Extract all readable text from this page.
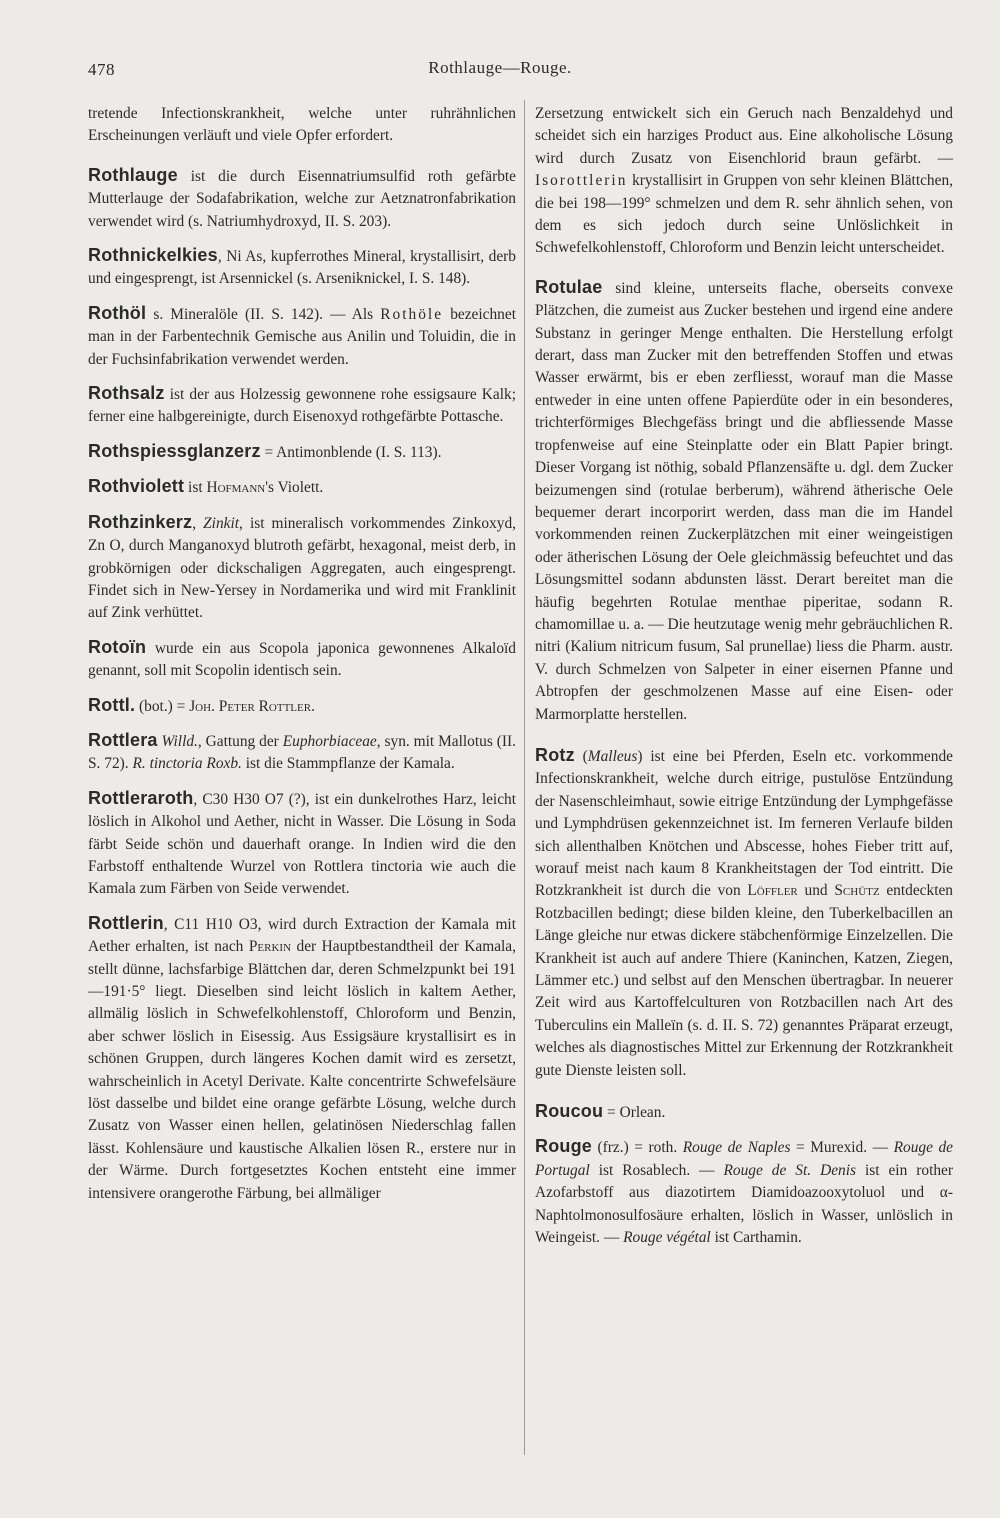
478	Rothlauge—Rouge.

tretende Infectionskrankheit, welche unter ruhrähnlichen Erscheinungen verläuft und viele Opfer erfordert.

Rothlauge ist die durch Eisennatriumsulfid roth gefärbte Mutterlauge der Sodafabrikation, welche zur Aetznatronfabrikation verwendet wird (s. Natriumhydroxyd, II. S. 203).

Rothnickelkies, Ni As, kupferrothes Mineral, krystallisirt, derb und eingesprengt, ist Arsennickel (s. Arseniknickel, I. S. 148).

Rothöl s. Mineralöle (II. S. 142). — Als Rothöle bezeichnet man in der Farbentechnik Gemische aus Anilin und Toluidin, die in der Fuchsinfabrikation verwendet werden.

Rothsalz ist der aus Holzessig gewonnene rohe essigsaure Kalk; ferner eine halbgereinigte, durch Eisenoxyd rothgefärbte Pottasche.

Rothspiessglanzerz = Antimonblende (I. S. 113).

Rothviolett ist Hofmann's Violett.

Rothzinkerz, Zinkit, ist mineralisch vorkommendes Zinkoxyd, Zn O, durch Manganoxyd blutroth gefärbt, hexagonal, meist derb, in grobkörnigen oder dickschaligen Aggregaten, auch eingesprengt. Findet sich in New-Yersey in Nordamerika und wird mit Franklinit auf Zink verhüttet.

Rotoïn wurde ein aus Scopola japonica gewonnenes Alkaloïd genannt, soll mit Scopolin identisch sein.

Rottl. (bot.) = Joh. Peter Rottler.

Rottlera Willd., Gattung der Euphorbiaceae, syn. mit Mallotus (II. S. 72). R. tinctoria Roxb. ist die Stammpflanze der Kamala.

Rottleraroth, C30 H30 O7 (?), ist ein dunkelrothes Harz, leicht löslich in Alkohol und Aether, nicht in Wasser. Die Lösung in Soda färbt Seide schön und dauerhaft orange. In Indien wird die den Farbstoff enthaltende Wurzel von Rottlera tinctoria wie auch die Kamala zum Färben von Seide verwendet.

Rottlerin, C11 H10 O3, wird durch Extraction der Kamala mit Aether erhalten, ist nach Perkin der Hauptbestandtheil der Kamala, stellt dünne, lachsfarbige Blättchen dar, deren Schmelzpunkt bei 191—191·5° liegt. Dieselben sind leicht löslich in kaltem Aether, allmälig löslich in Schwefelkohlenstoff, Chloroform und Benzin, aber schwer löslich in Eisessig. Aus Essigsäure krystallisirt es in schönen Gruppen, durch längeres Kochen damit wird es zersetzt, wahrscheinlich in Acetyl Derivate. Kalte concentrirte Schwefelsäure löst dasselbe und bildet eine orange gefärbte Lösung, welche durch Zusatz von Wasser einen hellen, gelatinösen Niederschlag fallen lässt. Kohlensäure und kaustische Alkalien lösen R., erstere nur in der Wärme. Durch fortgesetztes Kochen entsteht eine immer intensivere orangerothe Färbung, bei allmäliger

Zersetzung entwickelt sich ein Geruch nach Benzaldehyd und scheidet sich ein harziges Product aus. Eine alkoholische Lösung wird durch Zusatz von Eisenchlorid braun gefärbt. — Isorottlerin krystallisirt in Gruppen von sehr kleinen Blättchen, die bei 198—199° schmelzen und dem R. sehr ähnlich sehen, von dem es sich jedoch durch seine Unlöslichkeit in Schwefelkohlenstoff, Chloroform und Benzin leicht unterscheidet.

Rotulae sind kleine, unterseits flache, oberseits convexe Plätzchen, die zumeist aus Zucker bestehen und irgend eine andere Substanz in geringer Menge enthalten. Die Herstellung erfolgt derart, dass man Zucker mit den betreffenden Stoffen und etwas Wasser erwärmt, bis er eben zerfliesst, worauf man die Masse entweder in eine unten offene Papierdüte oder in ein besonderes, trichterförmiges Blechgefäss bringt und die abfliessende Masse tropfenweise auf eine Steinplatte oder ein Blatt Papier bringt. Dieser Vorgang ist nöthig, sobald Pflanzensäfte u. dgl. dem Zucker beizumengen sind (rotulae berberum), während ätherische Oele bequemer derart incorporirt werden, dass man die im Handel vorkommenden reinen Zuckerplätzchen mit einer weingeistigen oder ätherischen Lösung der Oele gleichmässig befeuchtet und das Lösungsmittel sodann abdunsten lässt. Derart bereitet man die häufig begehrten Rotulae menthae piperitae, sodann R. chamomillae u. a. — Die heutzutage wenig mehr gebräuchlichen R. nitri (Kalium nitricum fusum, Sal prunellae) liess die Pharm. austr. V. durch Schmelzen von Salpeter in einer eisernen Pfanne und Abtropfen der geschmolzenen Masse auf eine Eisen- oder Marmorplatte herstellen.

Rotz (Malleus) ist eine bei Pferden, Eseln etc. vorkommende Infectionskrankheit, welche durch eitrige, pustulöse Entzündung der Nasenschleimhaut, sowie eitrige Entzündung der Lymphgefässe und Lymphdrüsen gekennzeichnet ist. Im ferneren Verlaufe bilden sich allenthalben Knötchen und Abscesse, hohes Fieber tritt auf, worauf meist nach kaum 8 Krankheitstagen der Tod eintritt. Die Rotzkrankheit ist durch die von Löffler und Schütz entdeckten Rotzbacillen bedingt; diese bilden kleine, den Tuberkelbacillen an Länge gleiche nur etwas dickere stäbchenförmige Einzelzellen. Die Krankheit ist auch auf andere Thiere (Kaninchen, Katzen, Ziegen, Lämmer etc.) und selbst auf den Menschen übertragbar. In neuerer Zeit wird aus Kartoffelculturen von Rotzbacillen nach Art des Tuberculins ein Malleïn (s. d. II. S. 72) genanntes Präparat erzeugt, welches als diagnostisches Mittel zur Erkennung der Rotzkrankheit gute Dienste leisten soll.

Roucou = Orlean.

Rouge (frz.) = roth. Rouge de Naples = Murexid. — Rouge de Portugal ist Rosablech. — Rouge de St. Denis ist ein rother Azofarbstoff aus diazotirtem Diamidoazooxytoluol und α-Naphtolmonosulfosäure erhalten, löslich in Wasser, unlöslich in Weingeist. — Rouge végétal ist Carthamin.
